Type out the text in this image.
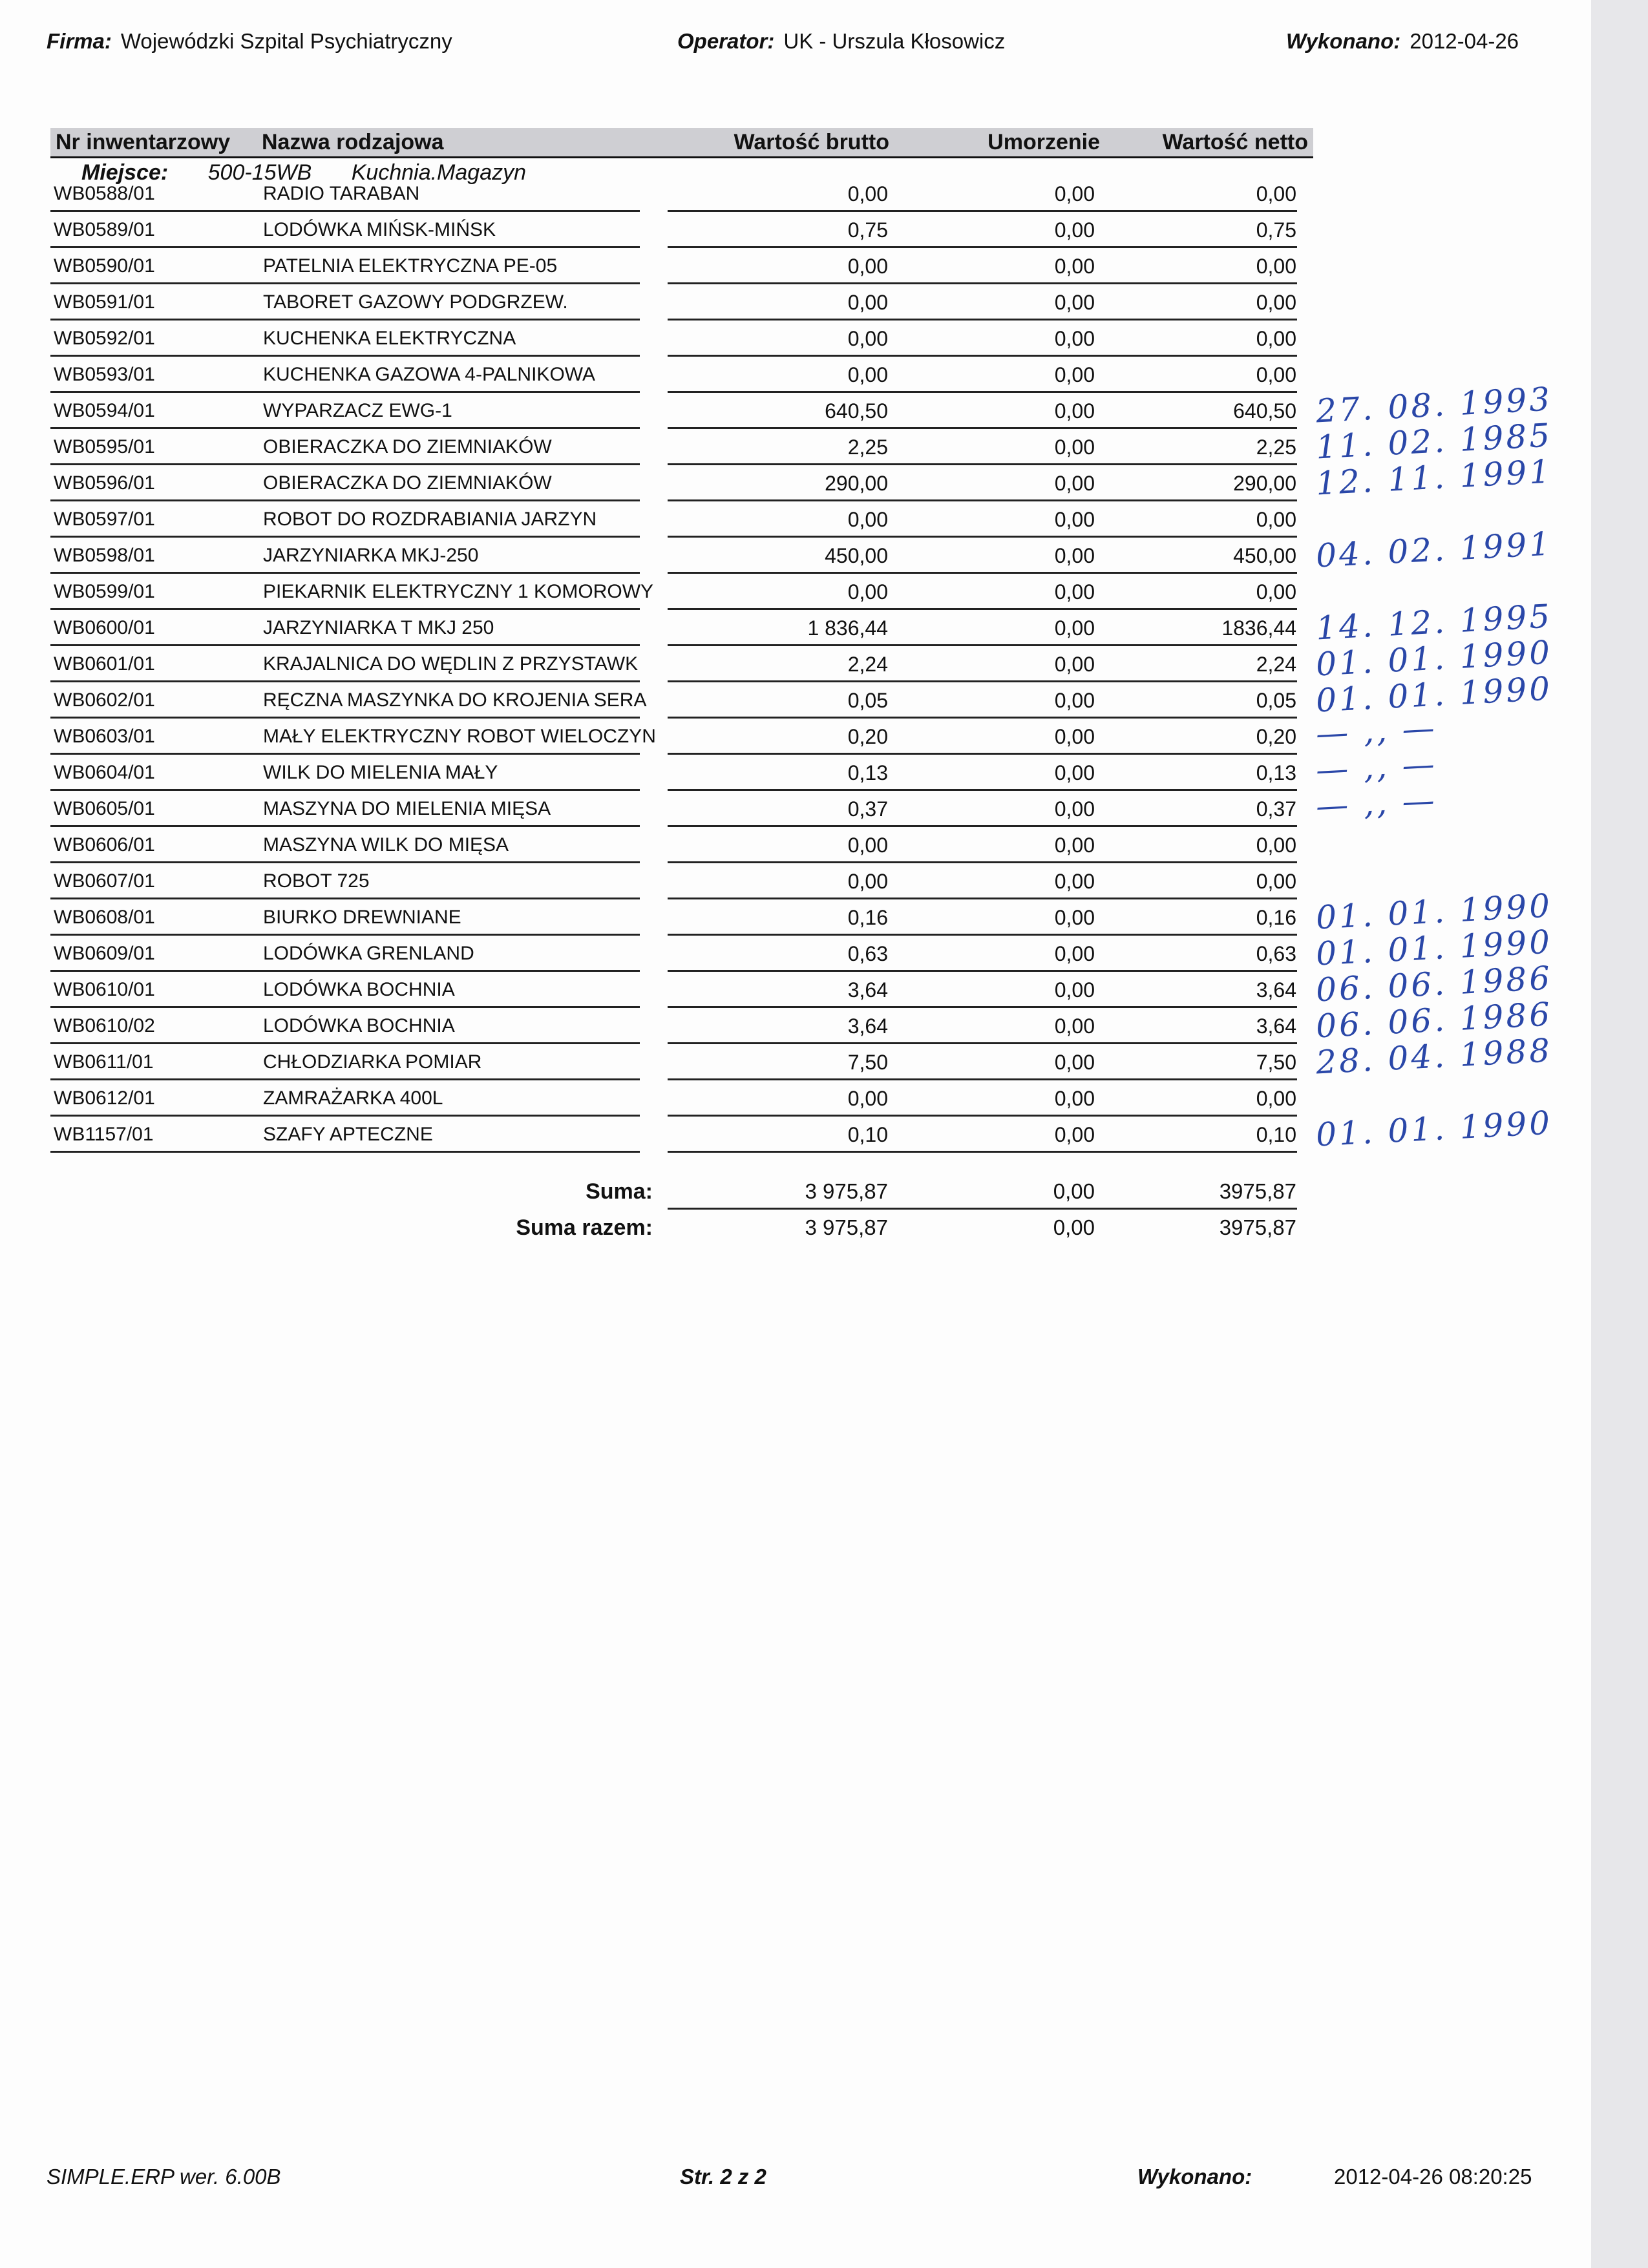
Firma: Wojewódzki Szpital Psychiatryczny	Operator: UK - Urszula Kłosowicz	Wykonano: 2012-04-26
Nr inwentarzowy	Nazwa rodzajowa	Wartość brutto	Umorzenie	Wartość netto
Miejsce: 500-15WB Kuchnia.Magazyn
WB0588/01	RADIO TARABAN	0,00	0,00	0,00
WB0589/01	LODÓWKA MIŃSK-MIŃSK	0,75	0,00	0,75
WB0590/01	PATELNIA ELEKTRYCZNA PE-05	0,00	0,00	0,00
WB0591/01	TABORET GAZOWY PODGRZEW.	0,00	0,00	0,00
WB0592/01	KUCHENKA ELEKTRYCZNA	0,00	0,00	0,00
WB0593/01	KUCHENKA GAZOWA 4-PALNIKOWA	0,00	0,00	0,00
WB0594/01	WYPARZACZ EWG-1	640,50	0,00	640,50 27. 08. 1993
WB0595/01	OBIERACZKA DO ZIEMNIAKÓW	2,25	0,00	2,25 11. 02. 1985
WB0596/01	OBIERACZKA DO ZIEMNIAKÓW	290,00	0,00	290,00 12. 11. 1991
WB0597/01	ROBOT DO ROZDRABIANIA JARZYN	0,00	0,00	0,00
WB0598/01	JARZYNIARKA MKJ-250	450,00	0,00	450,00 04. 02. 1991
WB0599/01	PIEKARNIK ELEKTRYCZNY 1 KOMOROWY	0,00	0,00	0,00
WB0600/01	JARZYNIARKA T MKJ 250	1 836,44	0,00	1836,44 14. 12. 1995
WB0601/01	KRAJALNICA DO WĘDLIN Z PRZYSTAWK	2,24	0,00	2,24 01. 01. 1990
WB0602/01	RĘCZNA MASZYNKA DO KROJENIA SERA	0,05	0,00	0,05 01. 01. 1990
WB0603/01	MAŁY ELEKTRYCZNY ROBOT WIELOCZYN	0,20	0,00	0,20 — ,, —
WB0604/01	WILK DO MIELENIA MAŁY	0,13	0,00	0,13 — ,, —
WB0605/01	MASZYNA DO MIELENIA MIĘSA	0,37	0,00	0,37 — ,, —
WB0606/01	MASZYNA WILK DO MIĘSA	0,00	0,00	0,00
WB0607/01	ROBOT 725	0,00	0,00	0,00
WB0608/01	BIURKO DREWNIANE	0,16	0,00	0,16 01. 01. 1990
WB0609/01	LODÓWKA GRENLAND	0,63	0,00	0,63 01. 01. 1990
WB0610/01	LODÓWKA BOCHNIA	3,64	0,00	3,64 06. 06. 1986
WB0610/02	LODÓWKA BOCHNIA	3,64	0,00	3,64 06. 06. 1986
WB0611/01	CHŁODZIARKA POMIAR	7,50	0,00	7,50 28. 04. 1988
WB0612/01	ZAMRAŻARKA 400L	0,00	0,00	0,00
WB1157/01	SZAFY APTECZNE	0,10	0,00	0,10 01. 01. 1990
Suma:	3 975,87	0,00	3975,87
Suma razem:	3 975,87	0,00	3975,87
SIMPLE.ERP wer. 6.00B	Str. 2 z 2	Wykonano:	2012-04-26 08:20:25
